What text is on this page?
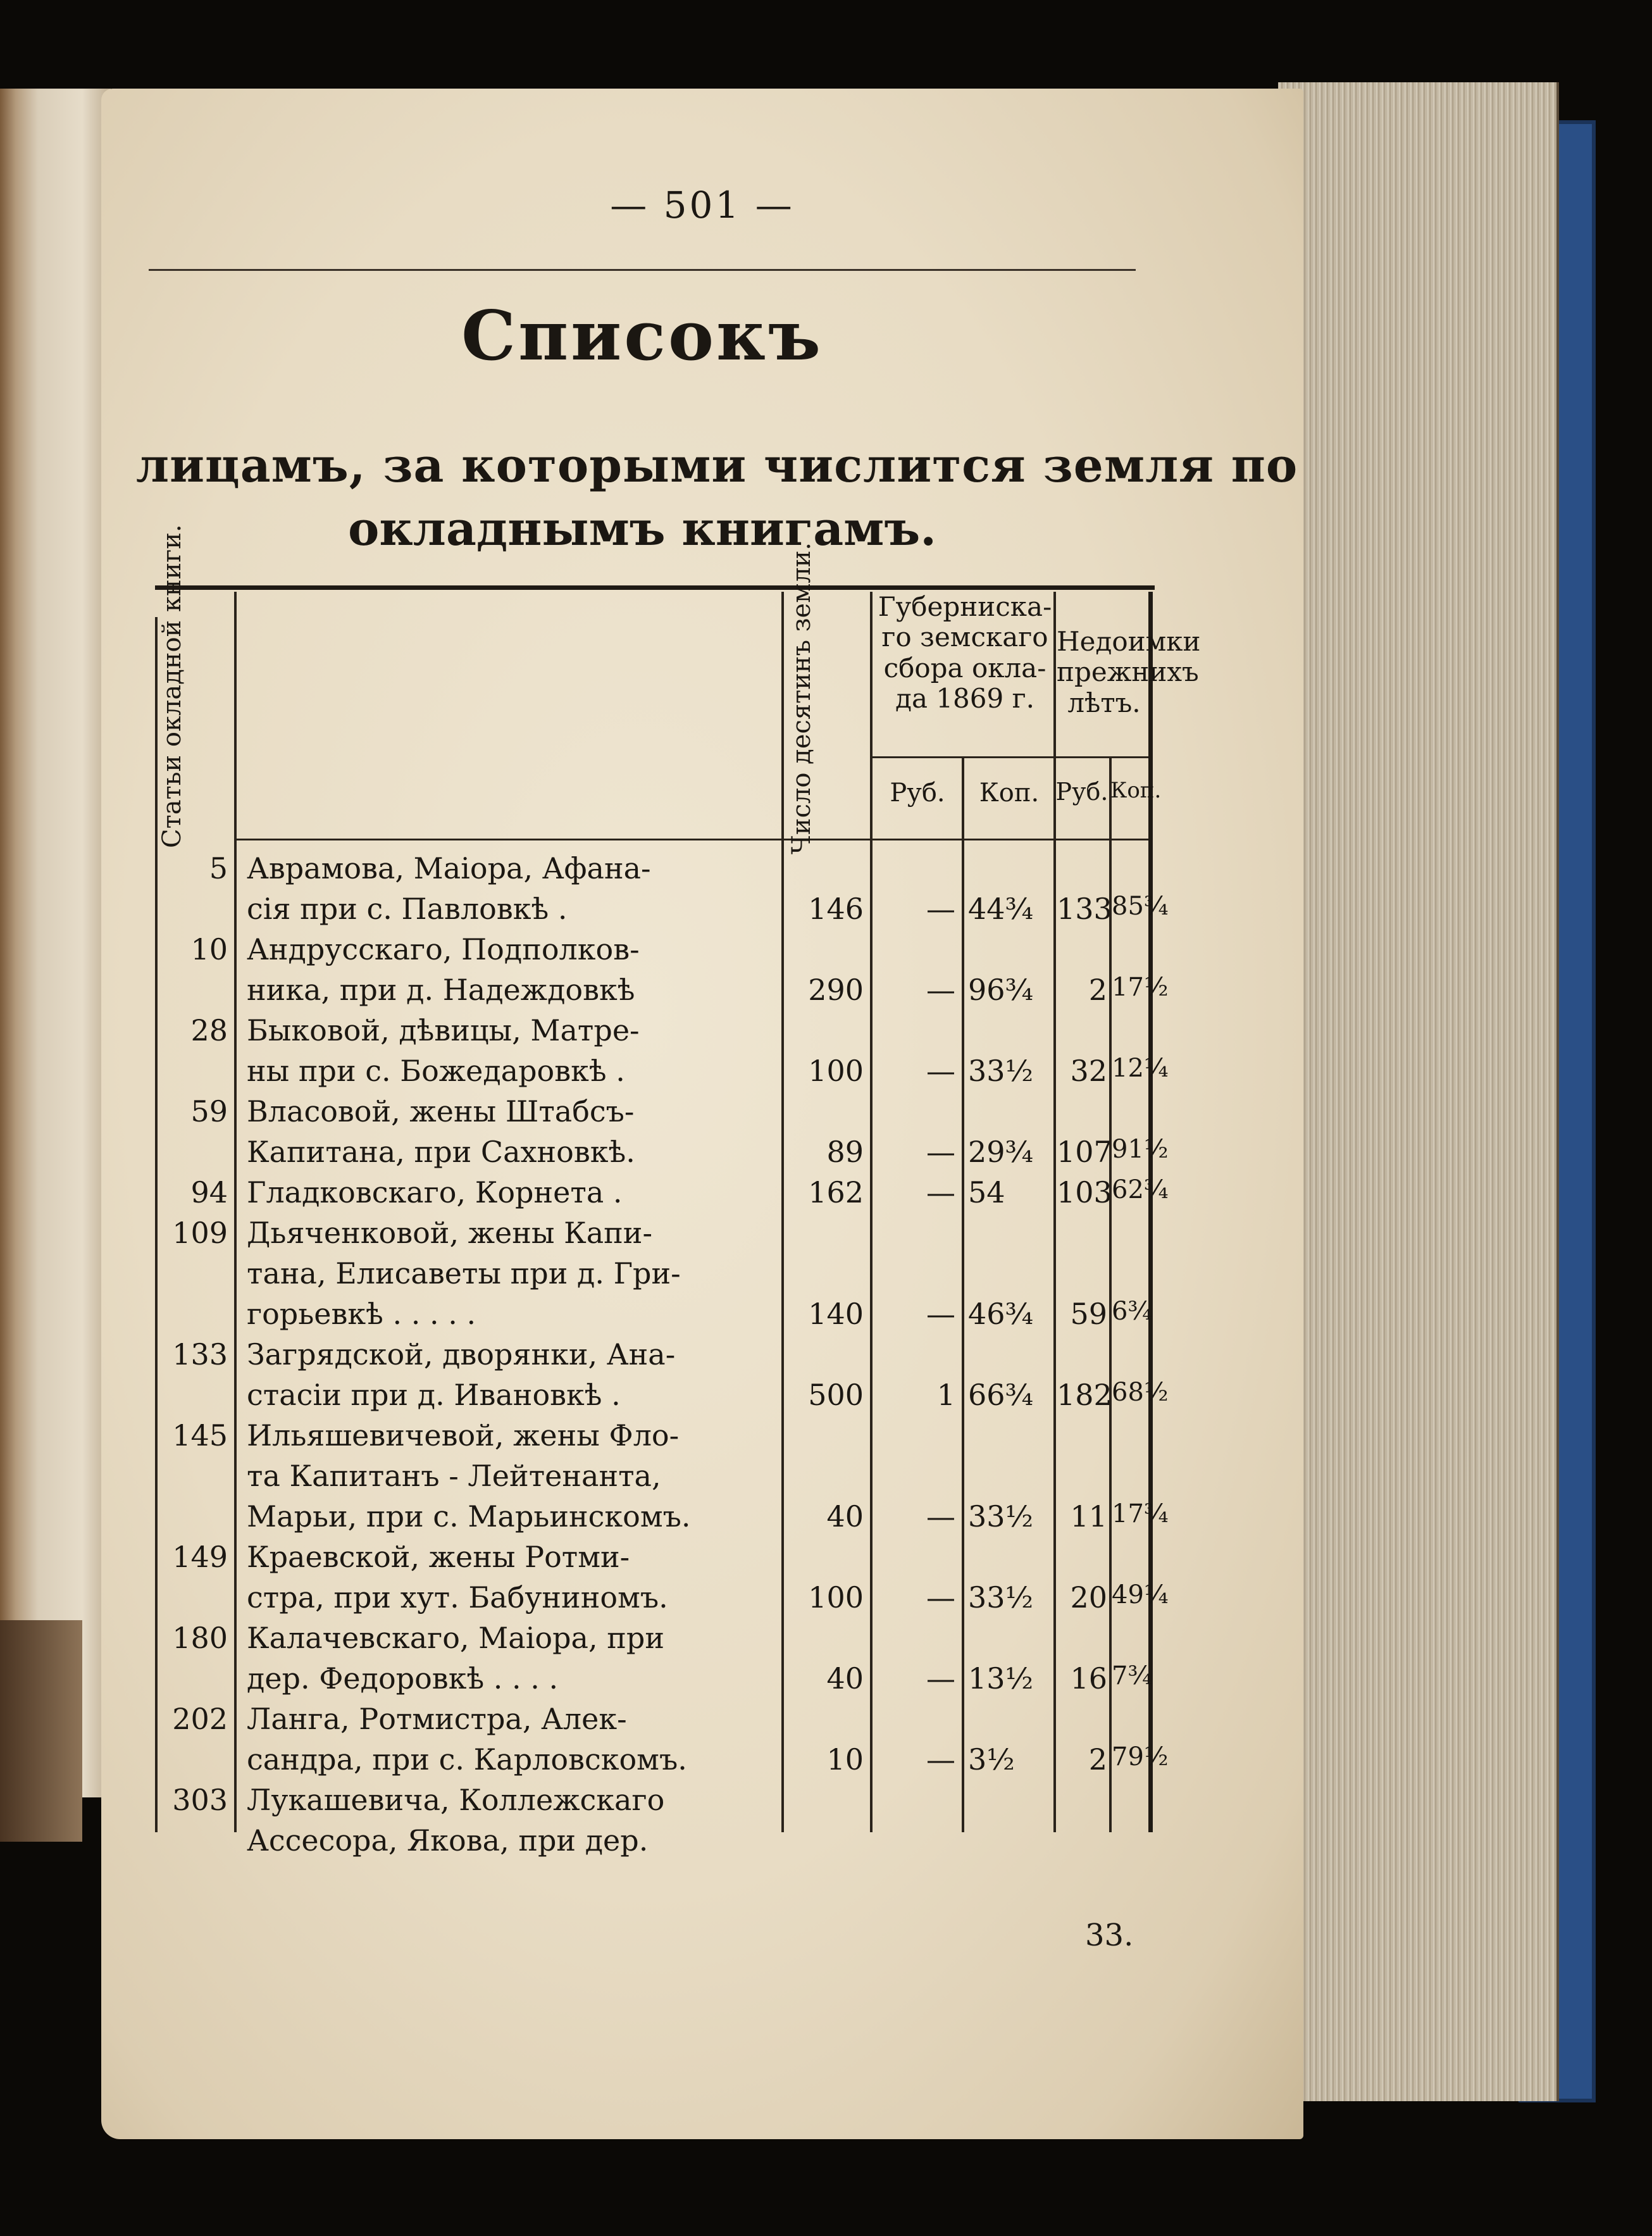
— 501 —
Списокъ
лицамъ, за которыми числится земля по
окладнымъ книгамъ.
Статьи окладной книги.	Число десятинъ земли.	Губерниска-
го земскаго
сбора окла-
да 1869 г.
Недоимки
прежнихъ
лѣтъ.
Руб.	Коп. Руб. Коп.
5 Аврамова, Маiора, Афана-
сiя при с. Павловкѣ .	146	— 44¾ 133 85¾
10 Андрусскаго, Подполков-
ника, при д. Надеждовкѣ	290	— 96¾	2 17½
28 Быковой, дѣвицы, Матре-
ны при с. Божедаровкѣ .	100	— 33½	32 12¼
59 Власовой, жены Штабсъ-
Капитана, при Сахновкѣ.	89	— 29¾ 107 91½
94 Гладковскаго, Корнета .	162	— 54	103 62¾
109 Дьяченковой, жены Капи-
тана, Елисаветы при д. Гри-
горьевкѣ . . . . .	140	— 46¾	59 6¾
133 Загрядской, дворянки, Ана-
стасiи при д. Ивановкѣ .	500	1 66¾ 182 68½
145 Ильяшевичевой, жены Фло-
та Капитанъ - Лейтенанта,
Марьи, при с. Марьинскомъ.	40	— 33½	11 17¾
149 Краевской, жены Ротми-
стра, при хут. Бабуниномъ.	100	— 33½	20 49¼
180 Калачевскаго, Маiора, при
дер. Федоровкѣ . . . .	40	— 13½	16 7¾
202 Ланга, Ротмистра, Алек-
сандра, при с. Карловскомъ.	10	— 3½	2 79½
303 Лукашевича, Коллежскаго
Ассесора, Якова, при дер.
33.
